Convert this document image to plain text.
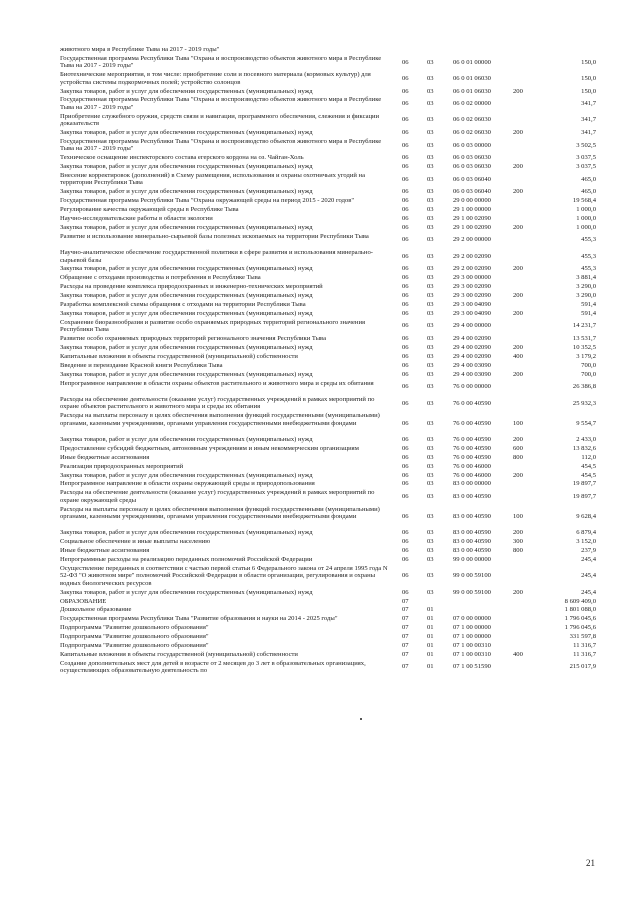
животного мира в Республике Тыва на 2017 - 2019 годы"
Государственная программа Республики Тыва "Охрана и воспроизводство объектов животного мира в Республике Тыва на 2017 - 2019 годы"
06	03	06 0 01 00000	150,0
Биотехнические мероприятия, в том числе: приобретение соли и посевного материала (кормовых культур) для устройства системы подкормочных полей; устройство солонцов
06	03	06 0 01 06030	150,0
Закупка товаров, работ и услуг для обеспечения государственных (муниципальных) нужд	06	03	06 0 01 06030	200	150,0
Государственная программа Республики Тыва "Охрана и воспроизводство объектов животного мира в Республике Тыва на 2017 - 2019 годы"
06	03	06 0 02 00000	341,7
Приобретение служебного оружия, средств связи и навигации, программного обеспечения, слежения и фиксации доказательств
06	03	06 0 02 06030	341,7
Закупка товаров, работ и услуг для обеспечения государственных (муниципальных) нужд	06	03	06 0 02 06030	200	341,7
Государственная программа Республики Тыва "Охрана и воспроизводство объектов животного мира в Республике Тыва на 2017 - 2019 годы"
06	03	06 0 03 00000	3 502,5
Техническое оснащение инспекторского состава егерского кордона на оз. Чайган-Холь	06	03	06 0 03 06030	3 037,5
Закупка товаров, работ и услуг для обеспечения государственных (муниципальных) нужд	06	03	06 0 03 06030	200	3 037,5
Внесение корректировок (дополнений) в Схему размещения, использования и охраны охотничьих угодий на территории Республики Тыва
06	03	06 0 03 06040	465,0
Закупка товаров, работ и услуг для обеспечения государственных (муниципальных) нужд	06	03	06 0 03 06040	200	465,0
Государственная программа Республики Тыва "Охрана окружающей среды на период 2015 - 2020 годов"	06	03	29 0 00 00000	19 568,4
Регулирование качества окружающей среды в Республике Тыва	06	03	29 1 00 00000	1 000,0
Научно-исследовательские работы в области экологии	06	03	29 1 00 02090	1 000,0
Закупка товаров, работ и услуг для обеспечения государственных (муниципальных) нужд	06	03	29 1 00 02090	200	1 000,0
Развитие и использование минерально-сырьевой базы полезных ископаемых на территории Республики Тыва
06	03	29 2 00 00000	455,3
Научно-аналитическое обеспечение государственной политики в сфере развития и использования минерально-сырьевой базы
06	03	29 2 00 02090	455,3
Закупка товаров, работ и услуг для обеспечения государственных (муниципальных) нужд	06	03	29 2 00 02090	200	455,3
Обращение с отходами производства и потребления в Республике Тыва	06	03	29 3 00 00000	3 881,4
Расходы на проведение комплекса природоохранных и инженерно-технических мероприятий	06	03	29 3 00 02090	3 290,0
Закупка товаров, работ и услуг для обеспечения государственных (муниципальных) нужд	06	03	29 3 00 02090	200	3 290,0
Разработка комплексной схемы обращения с отходами на территории Республики Тыва	06	03	29 3 00 04090	591,4
Закупка товаров, работ и услуг для обеспечения государственных (муниципальных) нужд	06	03	29 3 00 04090	200	591,4
Сохранение биоразнообразия и развитие особо охраняемых природных территорий регионального значения Республики Тыва
06	03	29 4 00 00000	14 231,7
Развитие особо охраняемых природных территорий регионального значения Республики Тыва	06	03	29 4 00 02090	13 531,7
Закупка товаров, работ и услуг для обеспечения государственных (муниципальных) нужд	06	03	29 4 00 02090	200	10 352,5
Капитальные вложения в объекты государственной (муниципальной) собственности	06	03	29 4 00 02090	400	3 179,2
Введение и переиздание Красной книги Республики Тыва	06	03	29 4 00 03090	700,0
Закупка товаров, работ и услуг для обеспечения государственных (муниципальных) нужд	06	03	29 4 00 03090	200	700,0
Непрограммное направление в области охраны объектов растительного и животного мира и среды их обитания
06	03	76 0 00 00000	26 386,8
Расходы на обеспечение деятельности (оказание услуг) государственных учреждений в рамках мероприятий по охране объектов растительного и животного мира и среды их обитания
06	03	76 0 00 40590	25 932,3
Расходы на выплаты персоналу в целях обеспечения выполнения функций государственными (муниципальными) органами, казенными учреждениями, органами управления государственными внебюджетными фондами	06	03	76 0 00 40590	100	9 554,7
Закупка товаров, работ и услуг для обеспечения государственных (муниципальных) нужд	06	03	76 0 00 40590	200	2 433,0
Предоставление субсидий бюджетным, автономным учреждениям и иным некоммерческим организациям	06	03	76 0 00 40590	600	13 832,6
Иные бюджетные ассигнования	06	03	76 0 00 40590	800	112,0
Реализация природоохранных мероприятий	06	03	76 0 00 46000	454,5
Закупка товаров, работ и услуг для обеспечения государственных (муниципальных) нужд	06	03	76 0 00 46000	200	454,5
Непрограммное направление в области охраны окружающей среды и природопользования	06	03	83 0 00 00000	19 897,7
Расходы на обеспечение деятельности (оказание услуг) государственных учреждений в рамках мероприятий по охране окружающей среды
06	03	83 0 00 40590	19 897,7
Расходы на выплаты персоналу в целях обеспечения выполнения функций государственными (муниципальными) органами, казенными учреждениями, органами управления государственными внебюджетными фондами	06	03	83 0 00 40590	100	9 628,4
Закупка товаров, работ и услуг для обеспечения государственных (муниципальных) нужд	06	03	83 0 00 40590	200	6 879,4
Социальное обеспечение и иные выплаты населению	06	03	83 0 00 40590	300	3 152,0
Иные бюджетные ассигнования	06	03	83 0 00 40590	800	237,9
Непрограммные расходы на реализацию переданных полномочий Российской Федерации	06	03	99 0 00 00000	245,4
Осуществление переданных в соответствии с частью первой статьи 6 Федерального закона от 24 апреля 1995 года N 52-ФЗ "О животном мире" полномочий Российской Федерации в области организации, регулирования и охраны водных биологических ресурсов
06	03	99 0 00 59100	245,4
Закупка товаров, работ и услуг для обеспечения государственных (муниципальных) нужд	06	03	99 0 00 59100	200	245,4
ОБРАЗОВАНИЕ	07	8 609 409,0
Дошкольное образование	07	01	1 801 088,0
Государственная программа Республики Тыва "Развитие образования и науки на 2014 - 2025 годы"	07	01	07 0 00 00000	1 796 045,6
Подпрограмма "Развитие дошкольного образования"	07	01	07 1 00 00000	1 796 045,6
Подпрограмма "Развитие дошкольного образования"	07	01	07 1 00 00000	331 597,8
Подпрограмма "Развитие дошкольного образования"	07	01	07 1 00 00310	11 316,7
Капитальные вложения в объекты государственной (муниципальной) собственности	07	01	07 1 00 00310	400	11 316,7
Создание дополнительных мест для детей в возрасте от 2 месяцев до 3 лет в образовательных организациях, осуществляющих образовательную деятельность по
07	01	07 1 00 51590	215 017,9
21
